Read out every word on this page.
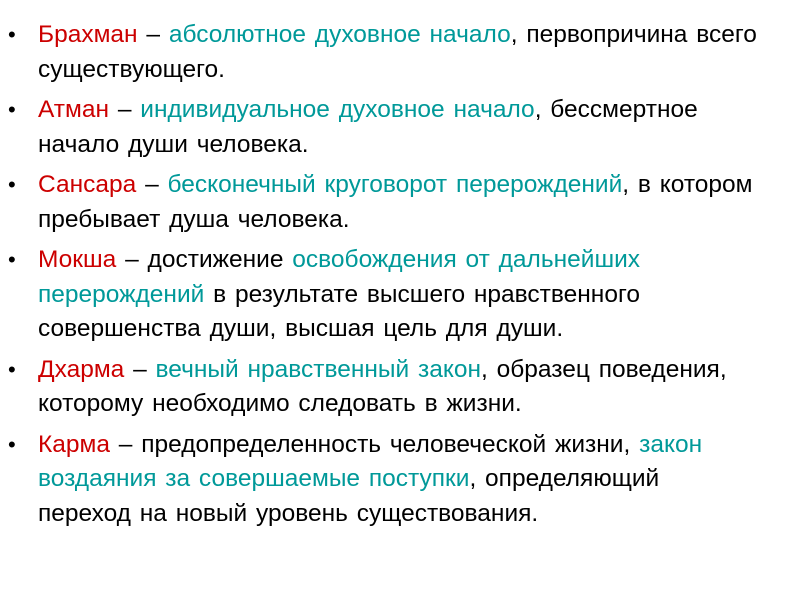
• Брахман – абсолютное духовное начало, первопричина всего существующего.
• Атман – индивидуальное духовное начало, бессмертное начало души человека.
• Сансара – бесконечный круговорот перерождений, в котором пребывает душа человека.
• Мокша – достижение освобождения от дальнейших перерождений в результате высшего нравственного совершенства души, высшая цель для души.
• Дхарма – вечный нравственный закон, образец поведения, которому необходимо следовать в жизни.
• Карма – предопределенность человеческой жизни, закон воздаяния за совершаемые поступки, определяющий переход на новый уровень существования.
